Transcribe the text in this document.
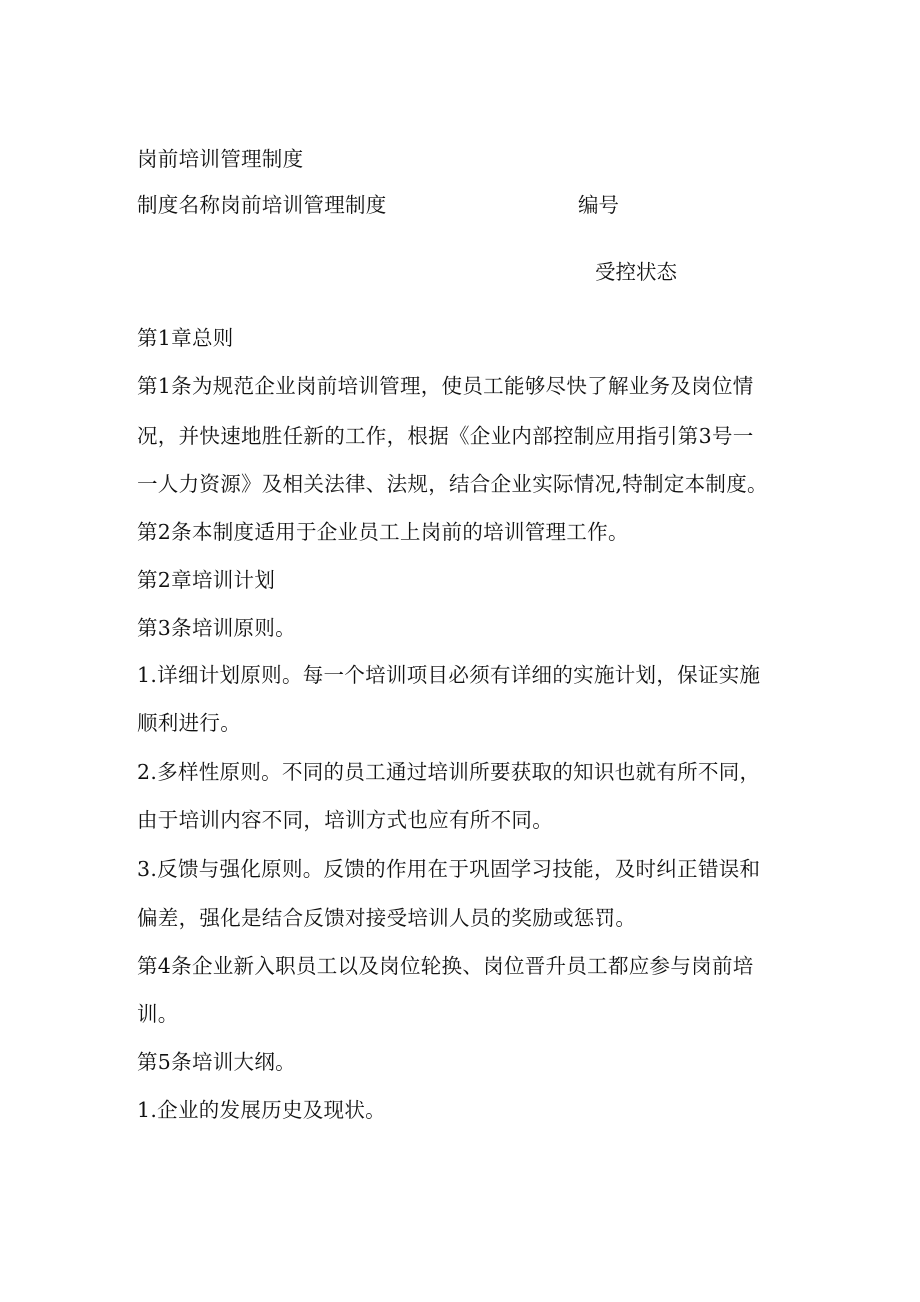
岗前培训管理制度
制度名称岗前培训管理制度	编号
受控状态
第1章总则
第1条为规范企业岗前培训管理，使员工能够尽快了解业务及岗位情
况，并快速地胜任新的工作，根据《企业内部控制应用指引第3号一
一人力资源》及相关法律、法规，结合企业实际情况,特制定本制度。
第2条本制度适用于企业员工上岗前的培训管理工作。
第2章培训计划
第3条培训原则。
1.详细计划原则。每一个培训项目必须有详细的实施计划，保证实施
顺利进行。
2.多样性原则。不同的员工通过培训所要获取的知识也就有所不同，
由于培训内容不同，培训方式也应有所不同。
3.反馈与强化原则。反馈的作用在于巩固学习技能，及时纠正错误和
偏差，强化是结合反馈对接受培训人员的奖励或惩罚。
第4条企业新入职员工以及岗位轮换、岗位晋升员工都应参与岗前培
训。
第5条培训大纲。
1.企业的发展历史及现状。
